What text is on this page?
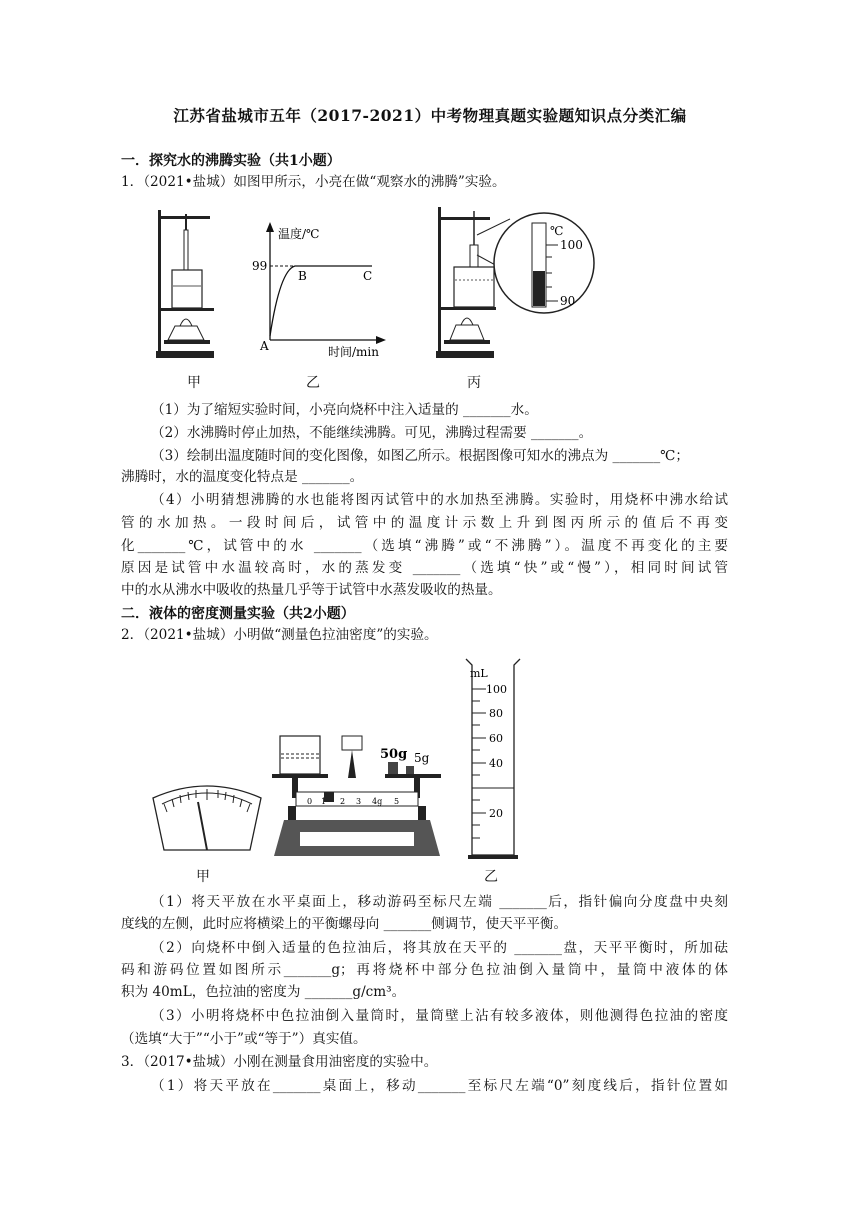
江苏省盐城市五年（2017-2021）中考物理真题实验题知识点分类汇编
一．探究水的沸腾实验（共1小题）
1．（2021•盐城）如图甲所示，小亮在做“观察水的沸腾”实验。
甲
温度/℃
99
A
B	C
时间/min
乙
℃
100
90
丙
（1）为了缩短实验时间，小亮向烧杯中注入适量的 _______水。
（2）水沸腾时停止加热，不能继续沸腾。可见，沸腾过程需要 _______。
（3）绘制出温度随时间的变化图像，如图乙所示。根据图像可知水的沸点为 _______℃；
沸腾时，水的温度变化特点是 _______。
（4）小明猜想沸腾的水也能将图丙试管中的水加热至沸腾。实验时，用烧杯中沸水给试
管的水加热。一段时间后，试管中的温度计示数上升到图丙所示的值后不再变
化_______℃，试管中的水 _______（选填“沸腾”或“不沸腾”）。温度不再变化的主要
原因是试管中水温较高时，水的蒸发变 _______（选填“快”或“慢”），相同时间试管
中的水从沸水中吸收的热量几乎等于试管中水蒸发吸收的热量。
二．液体的密度测量实验（共2小题）
2．（2021•盐城）小明做“测量色拉油密度”的实验。
甲
50g 5g
0 1 2 3 4g 5
mL
100
80
60
40
20
乙
（1）将天平放在水平桌面上，移动游码至标尺左端 _______后，指针偏向分度盘中央刻
度线的左侧，此时应将横梁上的平衡螺母向 _______侧调节，使天平平衡。
（2）向烧杯中倒入适量的色拉油后，将其放在天平的 _______盘，天平平衡时，所加砝
码和游码位置如图所示_______g；再将烧杯中部分色拉油倒入量筒中，量筒中液体的体
积为 40mL，色拉油的密度为 _______g/cm³。
（3）小明将烧杯中色拉油倒入量筒时，量筒壁上沾有较多液体，则他测得色拉油的密度
（选填“大于”“小于”或“等于”）真实值。
3．（2017•盐城）小刚在测量食用油密度的实验中。
（1）将天平放在_______桌面上，移动_______至标尺左端“0”刻度线后，指针位置如
